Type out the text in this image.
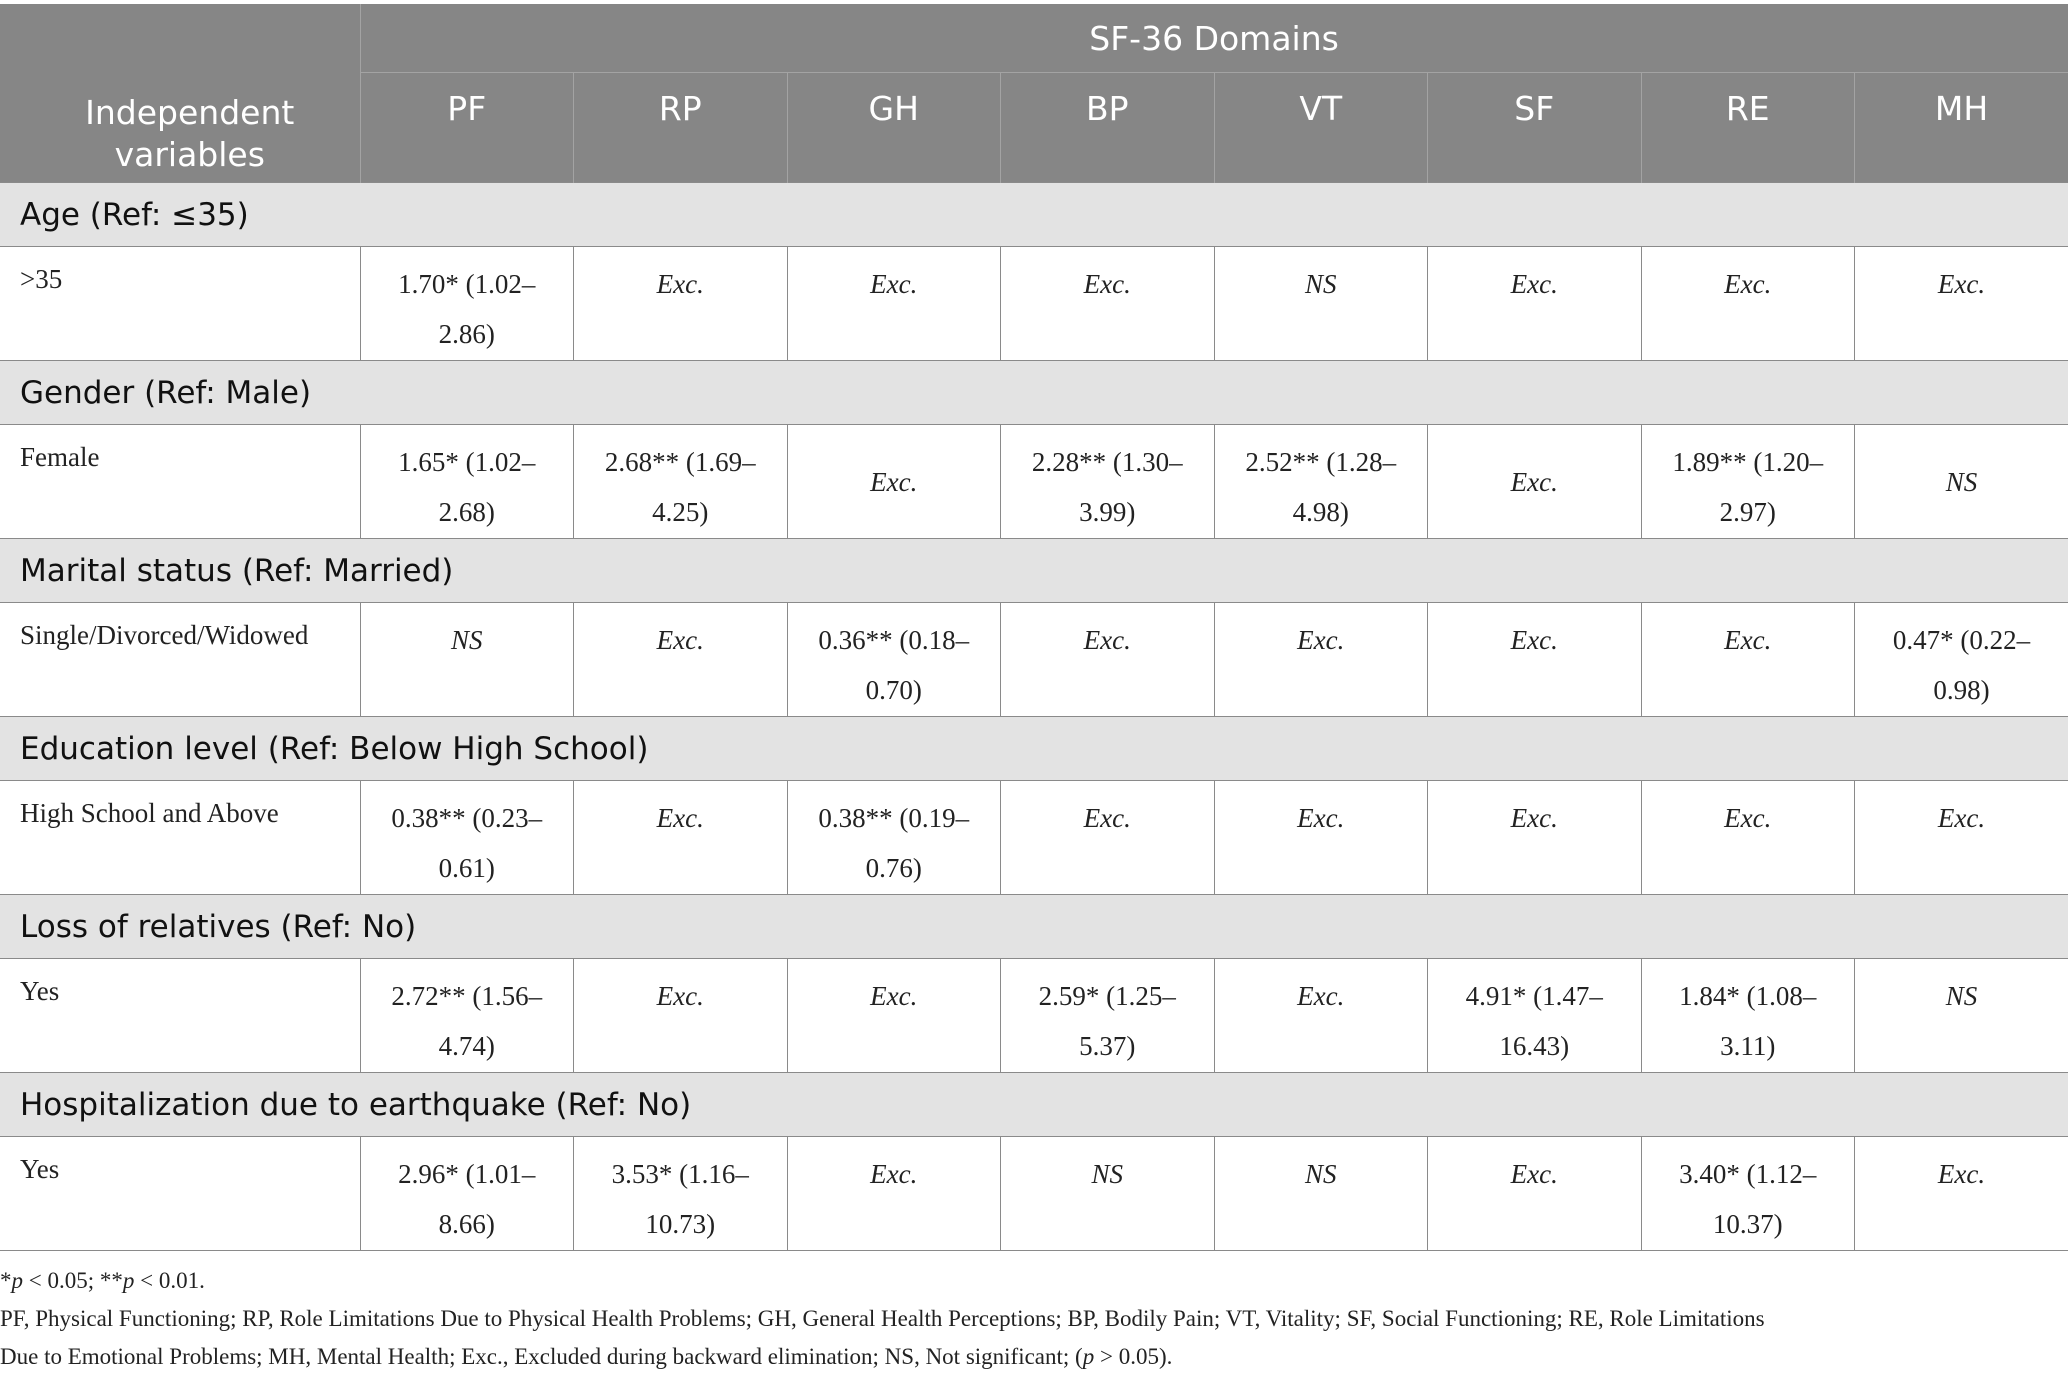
Independent
variables	SF-36 Domains							
	PF	RP	GH	BP	VT	SF	RE	MH
Age (Ref: ≤35)								
>35	1.70* (1.02–
2.86)	Exc.	Exc.	Exc.	NS	Exc.	Exc.	Exc.
Gender (Ref: Male)								
Female	1.65* (1.02–
2.68)	2.68** (1.69–
4.25)	Exc.	2.28** (1.30–
3.99)	2.52** (1.28–
4.98)	Exc.	1.89** (1.20–
2.97)	NS
Marital status (Ref: Married)								
Single/Divorced/Widowed	NS	Exc.	0.36** (0.18–
0.70)	Exc.	Exc.	Exc.	Exc.	0.47* (0.22–
0.98)
Education level (Ref: Below High School)								
High School and Above	0.38** (0.23–
0.61)	Exc.	0.38** (0.19–
0.76)	Exc.	Exc.	Exc.	Exc.	Exc.
Loss of relatives (Ref: No)								
Yes	2.72** (1.56–
4.74)	Exc.	Exc.	2.59* (1.25–
5.37)	Exc.	4.91* (1.47–
16.43)	1.84* (1.08–
3.11)	NS
Hospitalization due to earthquake (Ref: No)								
Yes	2.96* (1.01–
8.66)	3.53* (1.16–
10.73)	Exc.	NS	NS	Exc.	3.40* (1.12–
10.37)	Exc.
*p < 0.05; **p < 0.01.
PF, Physical Functioning; RP, Role Limitations Due to Physical Health Problems; GH, General Health Perceptions; BP, Bodily Pain; VT, Vitality; SF, Social Functioning; RE, Role Limitations
Due to Emotional Problems; MH, Mental Health; Exc., Excluded during backward elimination; NS, Not significant; (p > 0.05).
